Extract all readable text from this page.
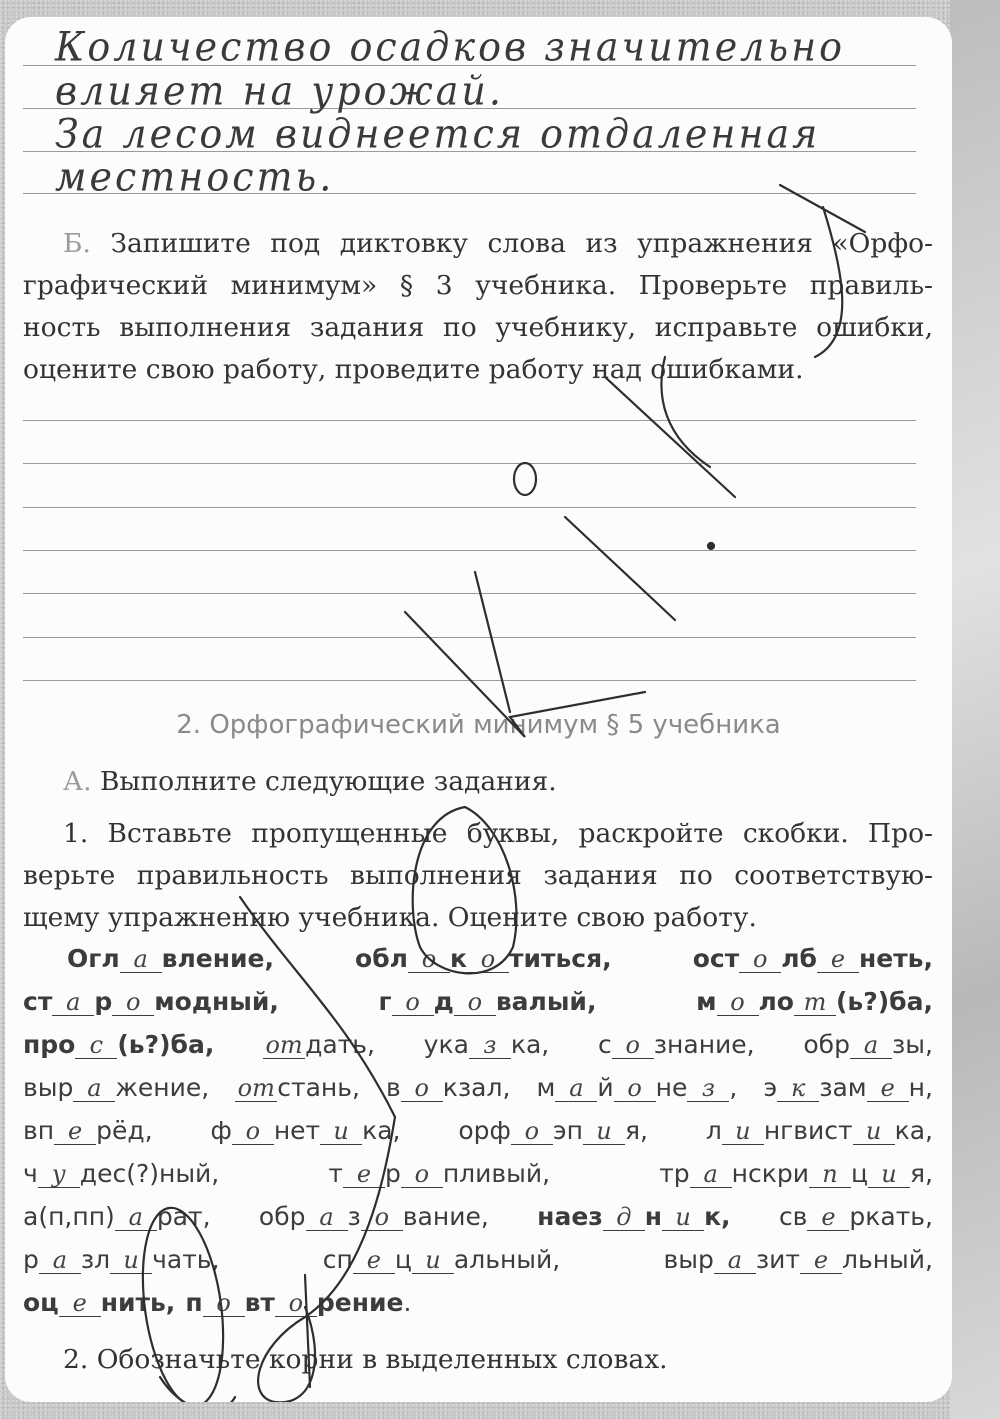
Количество осадков значительно
влияет на урожай.
За лесом виднеется отдаленная
местность.
Б. Запишите под диктовку слова из упражнения «Орфо-
графический минимум» § 3 учебника. Проверьте правиль-
ность выполнения задания по учебнику, исправьте ошибки,
оцените свою работу, проведите работу над ошибками.
2. Орфографический минимум § 5 учебника
А. Выполните следующие задания.
1. Вставьте пропущенные буквы, раскройте скобки. Про-
верьте правильность выполнения задания по соответствую-
щему упражнению учебника. Оцените свою работу.
Огл а вление,	обл о к о титься,	ост о лб е неть,
ст а р о модный,	г о д о валый,	м о ло т (ь?)ба,
про с (ь?)ба, отдать, ука з ка, с о знание, обр а зы,
выр а жение, отстань, в о кзал, м а й о не з , э к зам е н,
вп е рёд, ф о нет и ка, орф о эп и я, л и нгвист и ка,
ч у дес(?)ный,	т е р о пливый,	тр а нскри п ц и я,
а(п,пп) а рат, обр а з о вание, наез д н и к, св е ркать,
р а зл и чать,	сп е ц и альный,	выр а зит е льный,
оц е нить, п о вт о рение .
2. Обозначьте корни в выделенных словах.
